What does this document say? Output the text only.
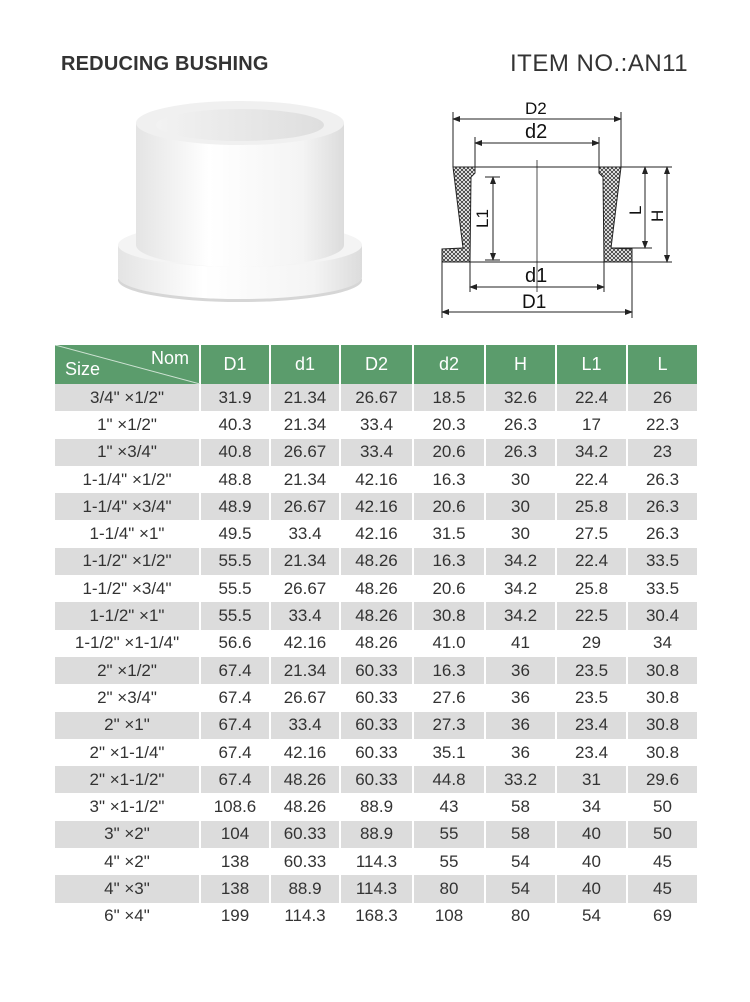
REDUCING BUSHING	ITEM NO.:AN11
D2
d2
d1
D1
L1	L H
Size
Nom	D1	d1	D2	d2	H	L1	L
3/4" ×1/2"	31.9	21.34	26.67	18.5	32.6	22.4	26
1" ×1/2"	40.3	21.34	33.4	20.3	26.3	17	22.3
1" ×3/4"	40.8	26.67	33.4	20.6	26.3	34.2	23
1-1/4" ×1/2"	48.8	21.34	42.16	16.3	30	22.4	26.3
1-1/4" ×3/4"	48.9	26.67	42.16	20.6	30	25.8	26.3
1-1/4" ×1"	49.5	33.4	42.16	31.5	30	27.5	26.3
1-1/2" ×1/2"	55.5	21.34	48.26	16.3	34.2	22.4	33.5
1-1/2" ×3/4"	55.5	26.67	48.26	20.6	34.2	25.8	33.5
1-1/2" ×1"	55.5	33.4	48.26	30.8	34.2	22.5	30.4
1-1/2" ×1-1/4"	56.6	42.16	48.26	41.0	41	29	34
2" ×1/2"	67.4	21.34	60.33	16.3	36	23.5	30.8
2" ×3/4"	67.4	26.67	60.33	27.6	36	23.5	30.8
2" ×1"	67.4	33.4	60.33	27.3	36	23.4	30.8
2" ×1-1/4"	67.4	42.16	60.33	35.1	36	23.4	30.8
2" ×1-1/2"	67.4	48.26	60.33	44.8	33.2	31	29.6
3" ×1-1/2"	108.6	48.26	88.9	43	58	34	50
3" ×2"	104	60.33	88.9	55	58	40	50
4" ×2"	138	60.33	114.3	55	54	40	45
4" ×3"	138	88.9	114.3	80	54	40	45
6" ×4"	199	114.3	168.3	108	80	54	69
